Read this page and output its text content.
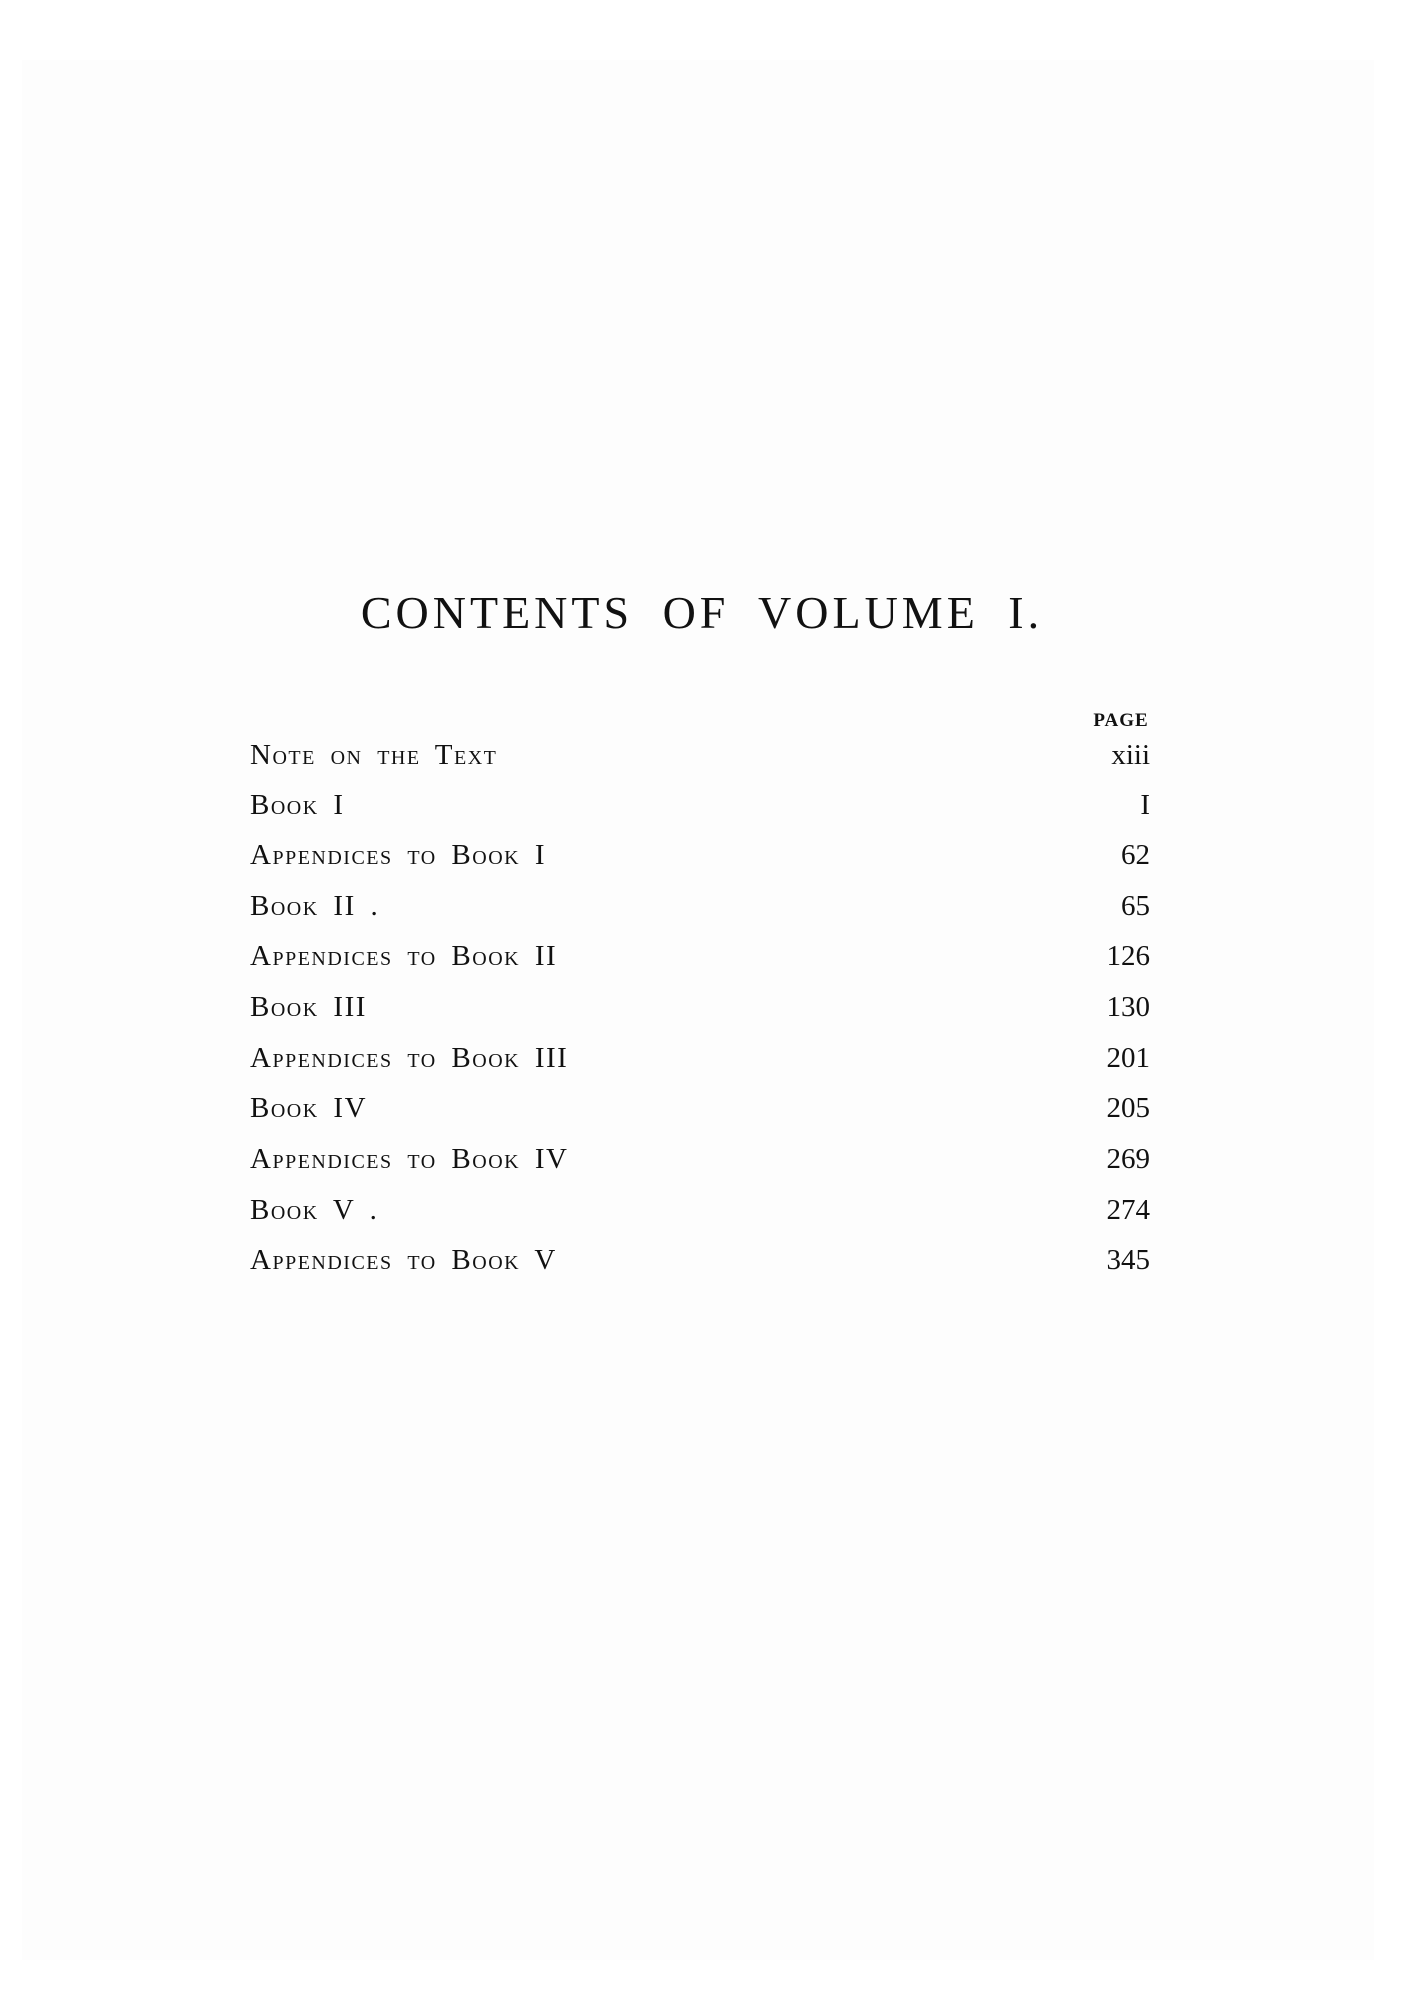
CONTENTS OF VOLUME I.
PAGE
Note on the Text	xiii
Book I	I
Appendices to Book I	62
Book II .	65
Appendices to Book II	126
Book III	130
Appendices to Book III	201
Book IV	205
Appendices to Book IV	269
Book V .	274
Appendices to Book V	345
